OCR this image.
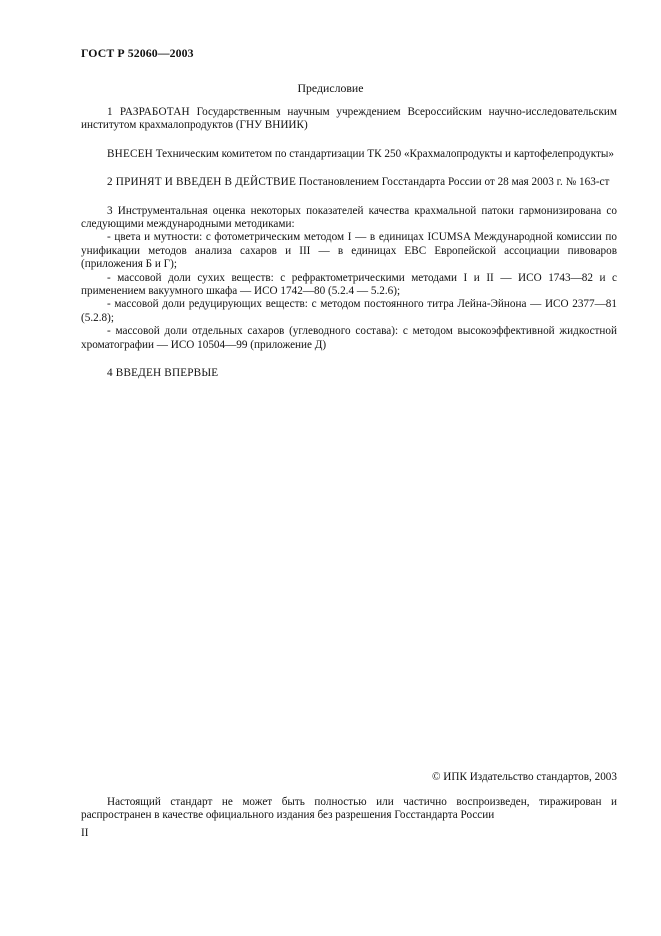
ГОСТ Р 52060—2003
Предисловие

1 РАЗРАБОТАН Государственным научным учреждением Всероссийским научно-исследовательским институтом крахмалопродуктов (ГНУ ВНИИК)

ВНЕСЕН Техническим комитетом по стандартизации ТК 250 «Крахмалопродукты и картофелепродукты»

2 ПРИНЯТ И ВВЕДЕН В ДЕЙСТВИЕ Постановлением Госстандарта России от 28 мая 2003 г. № 163-ст

3 Инструментальная оценка некоторых показателей качества крахмальной патоки гармонизирована со следующими международными методиками:

- цвета и мутности: с фотометрическим методом I — в единицах ICUMSA Международной комиссии по унификации методов анализа сахаров и III — в единицах EBC Европейской ассоциации пивоваров (приложения Б и Г);

- массовой доли сухих веществ: с рефрактометрическими методами I и II — ИСО 1743—82 и с применением вакуумного шкафа — ИСО 1742—80 (5.2.4 — 5.2.6);

- массовой доли редуцирующих веществ: с методом постоянного титра Лейна-Эйнона — ИСО 2377—81 (5.2.8);

- массовой доли отдельных сахаров (углеводного состава): с методом высокоэффективной жидкостной хроматографии — ИСО 10504—99 (приложение Д)

4 ВВЕДЕН ВПЕРВЫЕ

© ИПК Издательство стандартов, 2003

Настоящий стандарт не может быть полностью или частично воспроизведен, тиражирован и распространен в качестве официального издания без разрешения Госстандарта России

II
